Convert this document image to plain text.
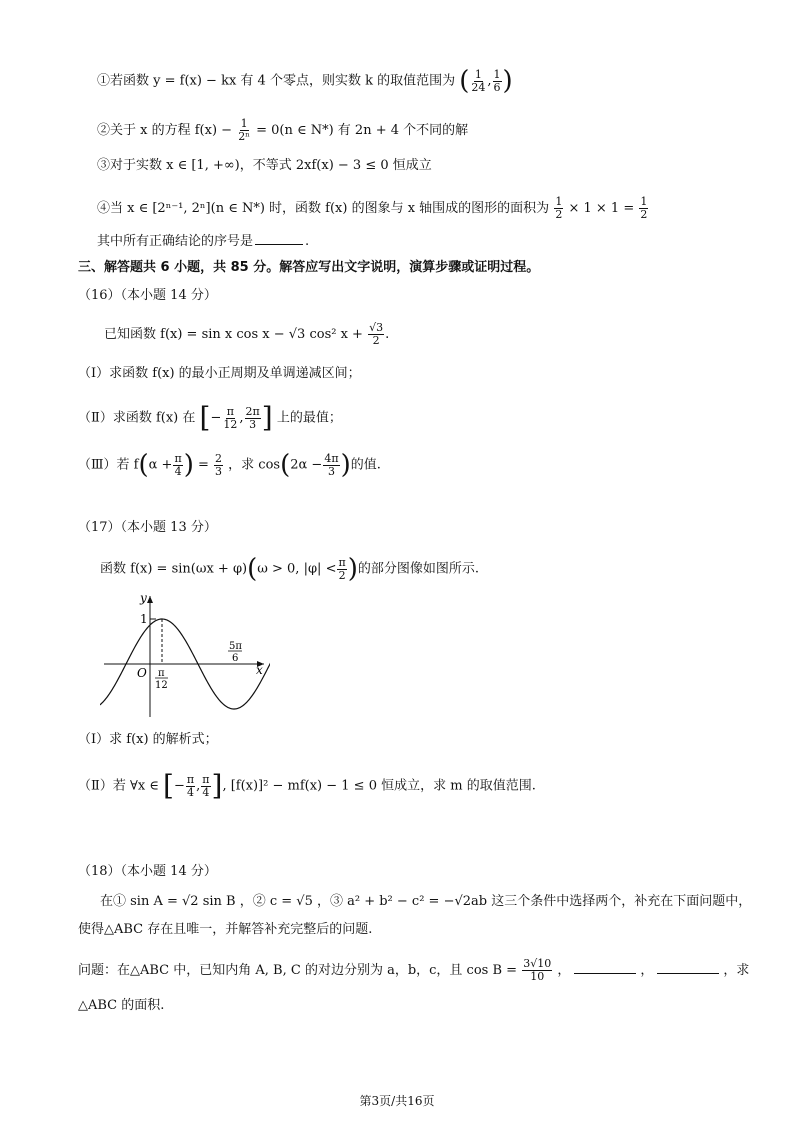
①若函数 y = f(x) − kx 有 4 个零点，则实数 k 的取值范围为 ( $\frac{1}{24}$ , $\frac{1}{6}$ )
②关于 x 的方程 $f(x) - \frac{1}{\text{2ⁿ}} = 0(n$ ∈ N*) 有 2n + 4 个不同的解
③对于实数 x ∈ [1, +∞)，不等式 2xf(x) − 3 ≤ 0 恒成立
④当 x ∈ [2ⁿ⁻¹, 2ⁿ](n ∈ N*) 时，函数 f(x) 的图象与 x 轴围成的图形的面积为 $\frac{1}{2} \times 1 \times 1 = \frac{1}{2}$
其中所有正确结论的序号是	.
三、解答题共 6 小题，共 85 分。解答应写出文字说明，演算步骤或证明过程。
（16）（本小题 14 分）
已知函数 f(x) = sin x cos x − √3 cos² $x + \frac{√3}{2}$ .
（Ⅰ）求函数 f(x) 的最小正周期及单调递减区间；
（Ⅱ）求函数 f(x) 在 [− $\frac{\pi}{12}$ , $\frac{2\pi}{3}$ ] 上的最值；
（Ⅲ）若 $f(\alpha + \frac{\pi}{4}$ ) = $\frac{2}{3}$ ，求 $\cos(2\alpha - \frac{4\pi}{3}$ )的值.
（17）（本小题 13 分）
函数 f(x) = sin(ωx + φ)(ω > 0, $|\varphi| < \frac{\pi}{2}$ )的部分图像如图所示.
y
x
O
1
π
12
5π
6
（Ⅰ）求 f(x) 的解析式；
（Ⅱ）若 ∀x ∈ [− $\frac{\pi}{4}$ , $\frac{\pi}{4}$ ], [f(x)]² − mf(x) − 1 ≤ 0 恒成立，求 m 的取值范围.
（18）（本小题 14 分）
在① sin A = √2 sin B ，② c = √5 ，③ a² + b² − c² = −√2ab 这三个条件中选择两个，补充在下面问题中，
使得△ABC 存在且唯一，并解答补充完整后的问题.
问题：在△ABC 中，已知内角 A, B, C 的对边分别为 a，b，c，且 $\cos B = \frac{3√10}{10}$ ，	，	，求
△ABC 的面积.
第3页/共16页
